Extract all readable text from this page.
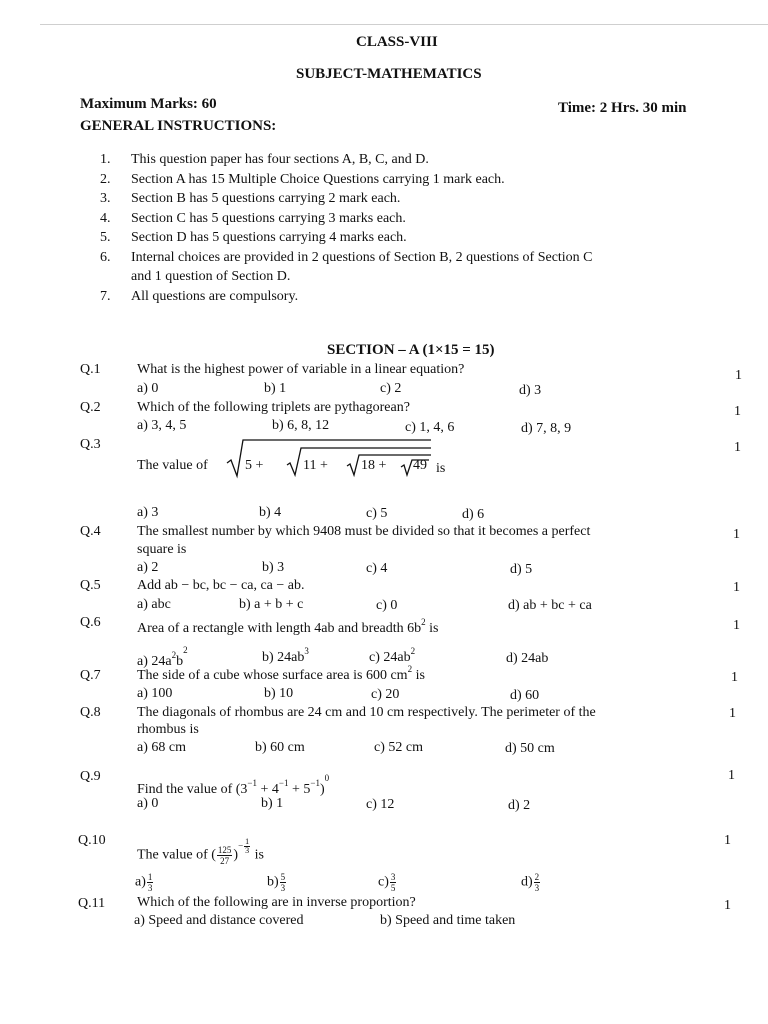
CLASS-VIII
SUBJECT-MATHEMATICS
Maximum Marks: 60	Time: 2 Hrs. 30 min
GENERAL INSTRUCTIONS:
1.	This question paper has four sections A, B, C, and D.
2.	Section A has 15 Multiple Choice Questions carrying 1 mark each.
3.	Section B has 5 questions carrying 2 mark each.
4.	Section C has 5 questions carrying 3 marks each.
5.	Section D has 5 questions carrying 4 marks each.
6.	Internal choices are provided in 2 questions of Section B, 2 questions of Section C
and 1 question of Section D.
7.	All questions are compulsory.
SECTION – A (1×15 = 15)
Q.1	What is the highest power of variable in a linear equation?	1
a) 0	b) 1	c) 2	d) 3
Q.2	Which of the following triplets are pythagorean?	1
a) 3, 4, 5	b) 6, 8, 12	c) 1, 4, 6	d) 7, 8, 9
Q.3	1
The value of	5 +	11 + 18 + 49 is
a) 3	b) 4	c) 5	d) 6
Q.4	The smallest number by which 9408 must be divided so that it becomes a perfect
square is
1
a) 2	b) 3	c) 4	d) 5
Q.5	Add ab − bc, bc − ca, ca − ab.	1
a) abc	b) a + b + c	c) 0	d) ab + bc + ca
Q.6	Area of a rectangle with length 4ab and breadth $6b^2$ is	1
a) $24a^2b^2$	b) $24ab^3$	c) $24ab^2$	d) 24ab
Q.7	The side of a cube whose surface area is 600 $cm^2$ is	1
a) 100	b) 10	c) 20	d) 60
Q.8	The diagonals of rhombus are 24 cm and 10 cm respectively. The perimeter of the
rhombus is
1
a) 68 cm	b) 60 cm	c) 52 cm	d) 50 cm
Q.9	1
Find the value of $(3^{-1} + 4^{-1} + 5^{-1})^0$
a) 0	b) 1	c) 12	d) 2
Q.10	1
The value of ( $\frac{125}{27}$ )− $\frac{1}{3}$
is
$a) \frac{1}{3}$	$b) \frac{5}{3}$	$c) \frac{3}{5}$	$d) \frac{2}{3}$
Q.11 Which of the following are in inverse proportion?	1
a) Speed and distance covered	b) Speed and time taken
